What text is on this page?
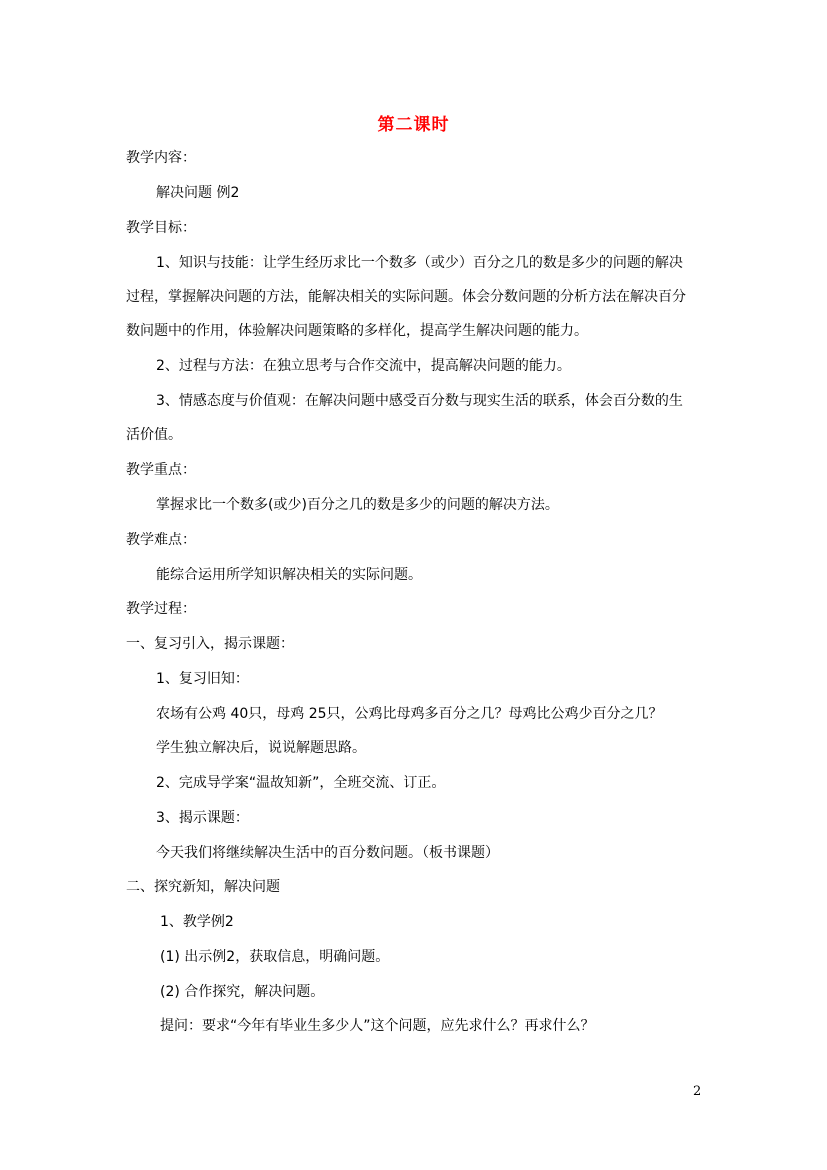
第二课时
教学内容：
解决问题 例2
教学目标：
1、知识与技能：让学生经历求比一个数多（或少）百分之几的数是多少的问题的解决
过程，掌握解决问题的方法，能解决相关的实际问题。体会分数问题的分析方法在解决百分
数问题中的作用，体验解决问题策略的多样化，提高学生解决问题的能力。
2、过程与方法：在独立思考与合作交流中，提高解决问题的能力。
3、情感态度与价值观：在解决问题中感受百分数与现实生活的联系，体会百分数的生
活价值。
教学重点：
掌握求比一个数多(或少)百分之几的数是多少的问题的解决方法。
教学难点：
能综合运用所学知识解决相关的实际问题。
教学过程：
一、复习引入，揭示课题：
1、复习旧知：
农场有公鸡 40只，母鸡 25只，公鸡比母鸡多百分之几？母鸡比公鸡少百分之几？
学生独立解决后，说说解题思路。
2、完成导学案“温故知新”，全班交流、订正。
3、揭示课题：
今天我们将继续解决生活中的百分数问题。（板书课题）
二、探究新知，解决问题
1、教学例2
(1) 出示例2，获取信息，明确问题。
(2) 合作探究，解决问题。
提问：要求“今年有毕业生多少人”这个问题，应先求什么？再求什么？
2
